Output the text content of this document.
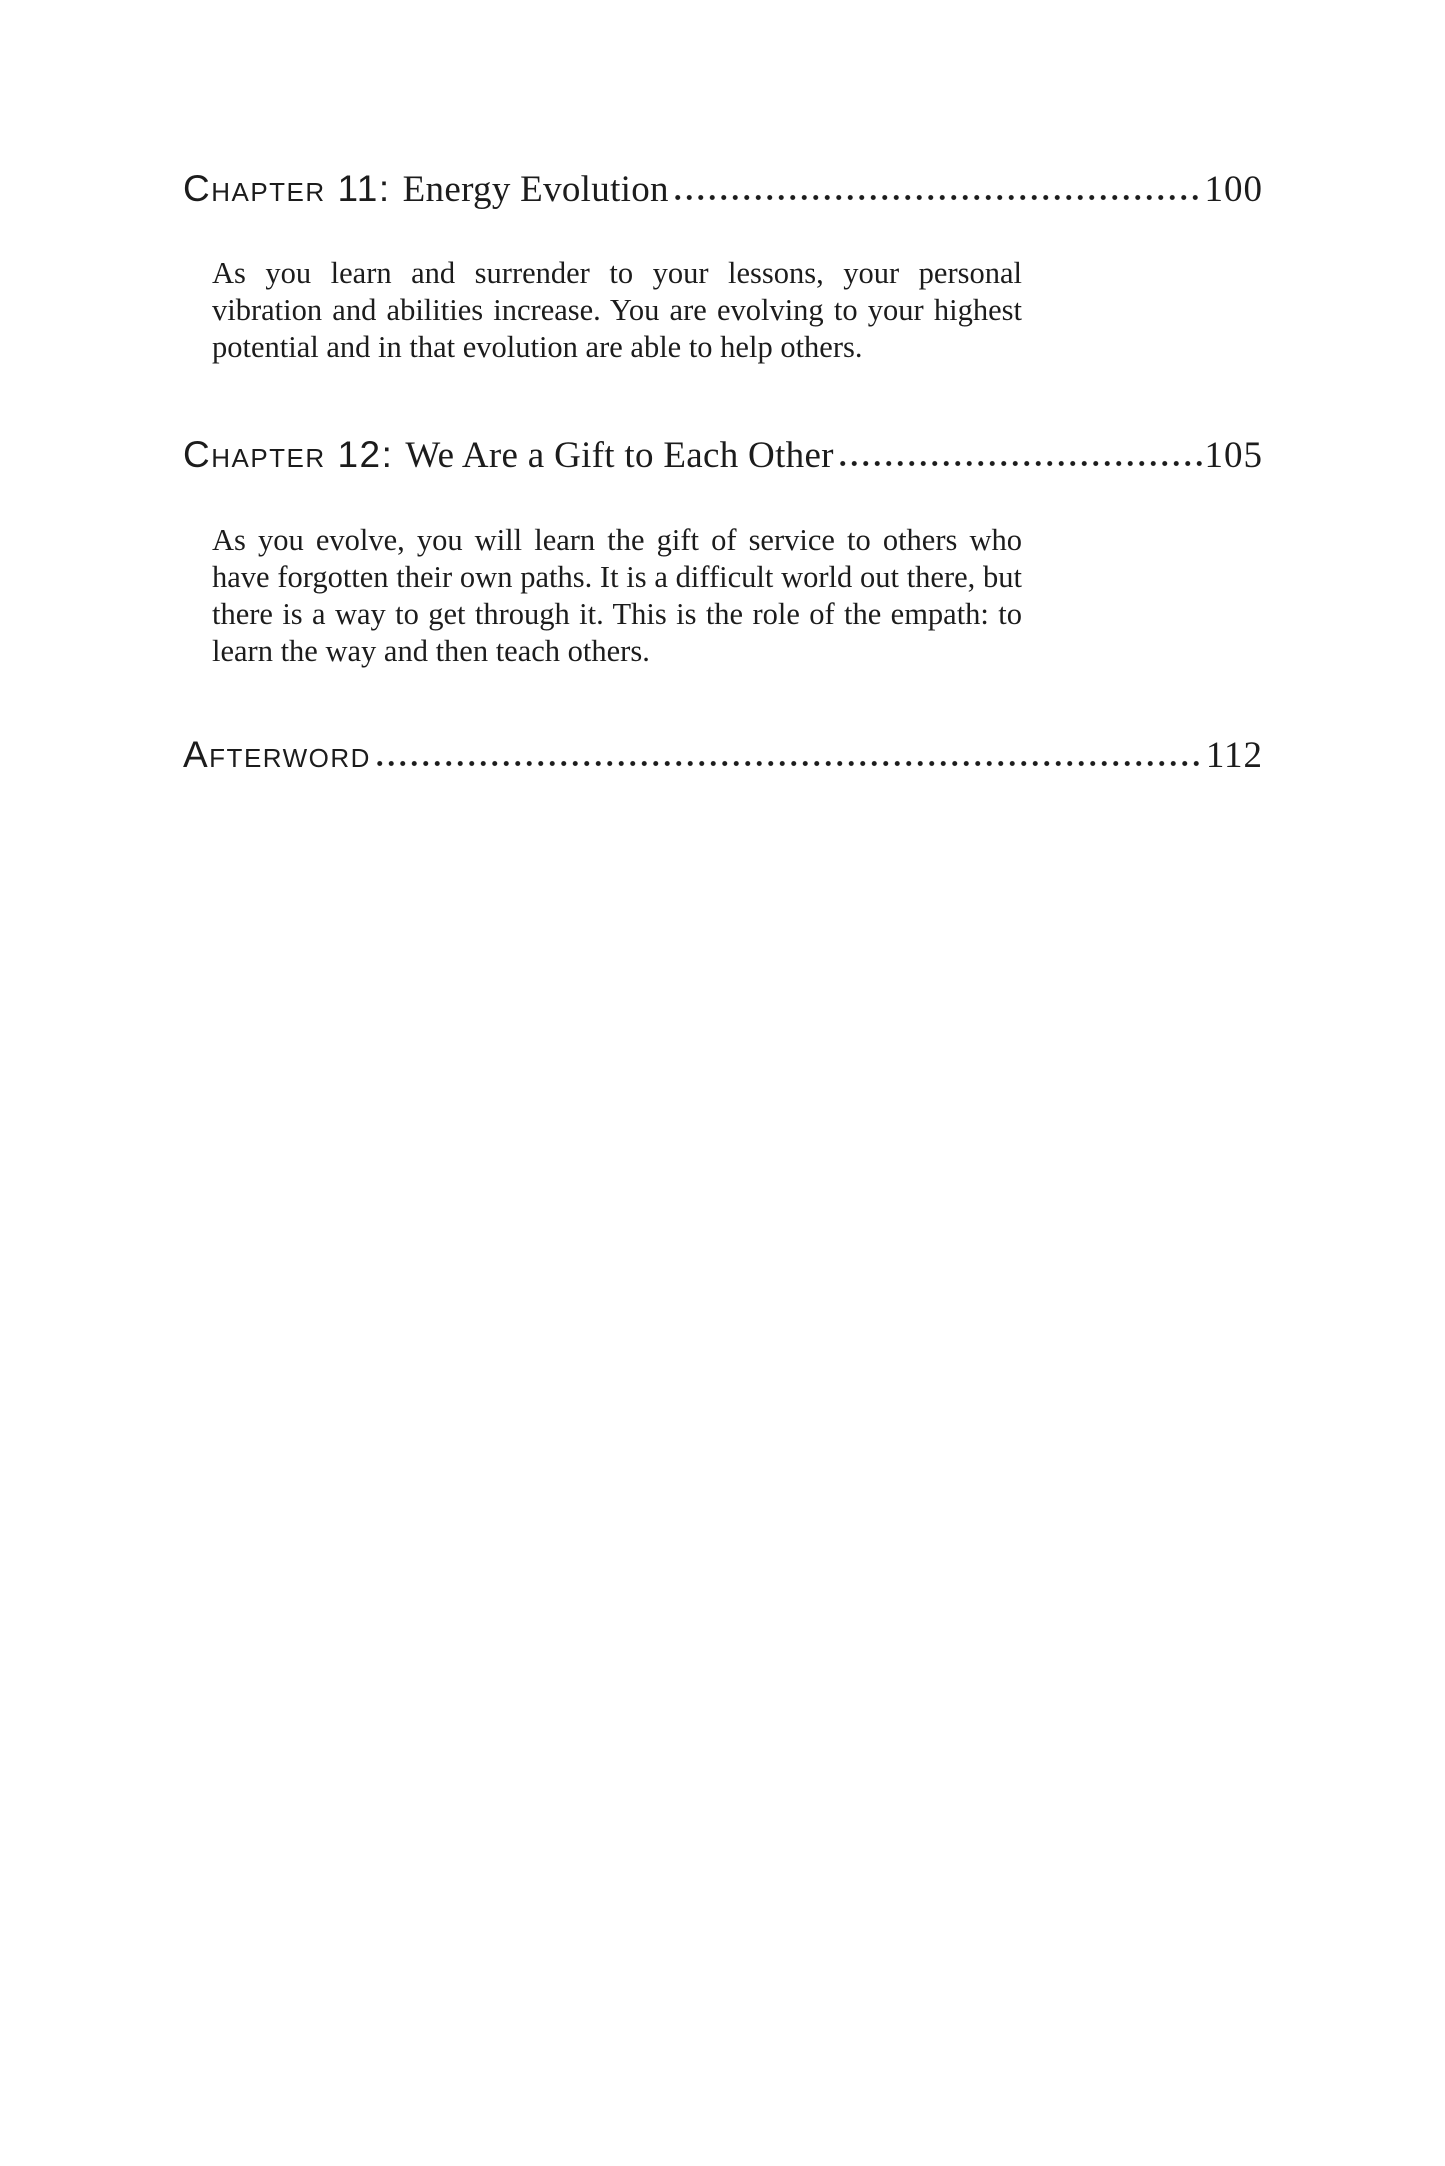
Chapter 11: Energy Evolution	100

As you learn and surrender to your lessons, your personal vibration and abilities increase. You are evolving to your highest potential and in that evolution are able to help others.

Chapter 12: We Are a Gift to Each Other	105

As you evolve, you will learn the gift of service to others who have forgotten their own paths. It is a difficult world out there, but there is a way to get through it. This is the role of the empath: to learn the way and then teach others.

Afterword	112
